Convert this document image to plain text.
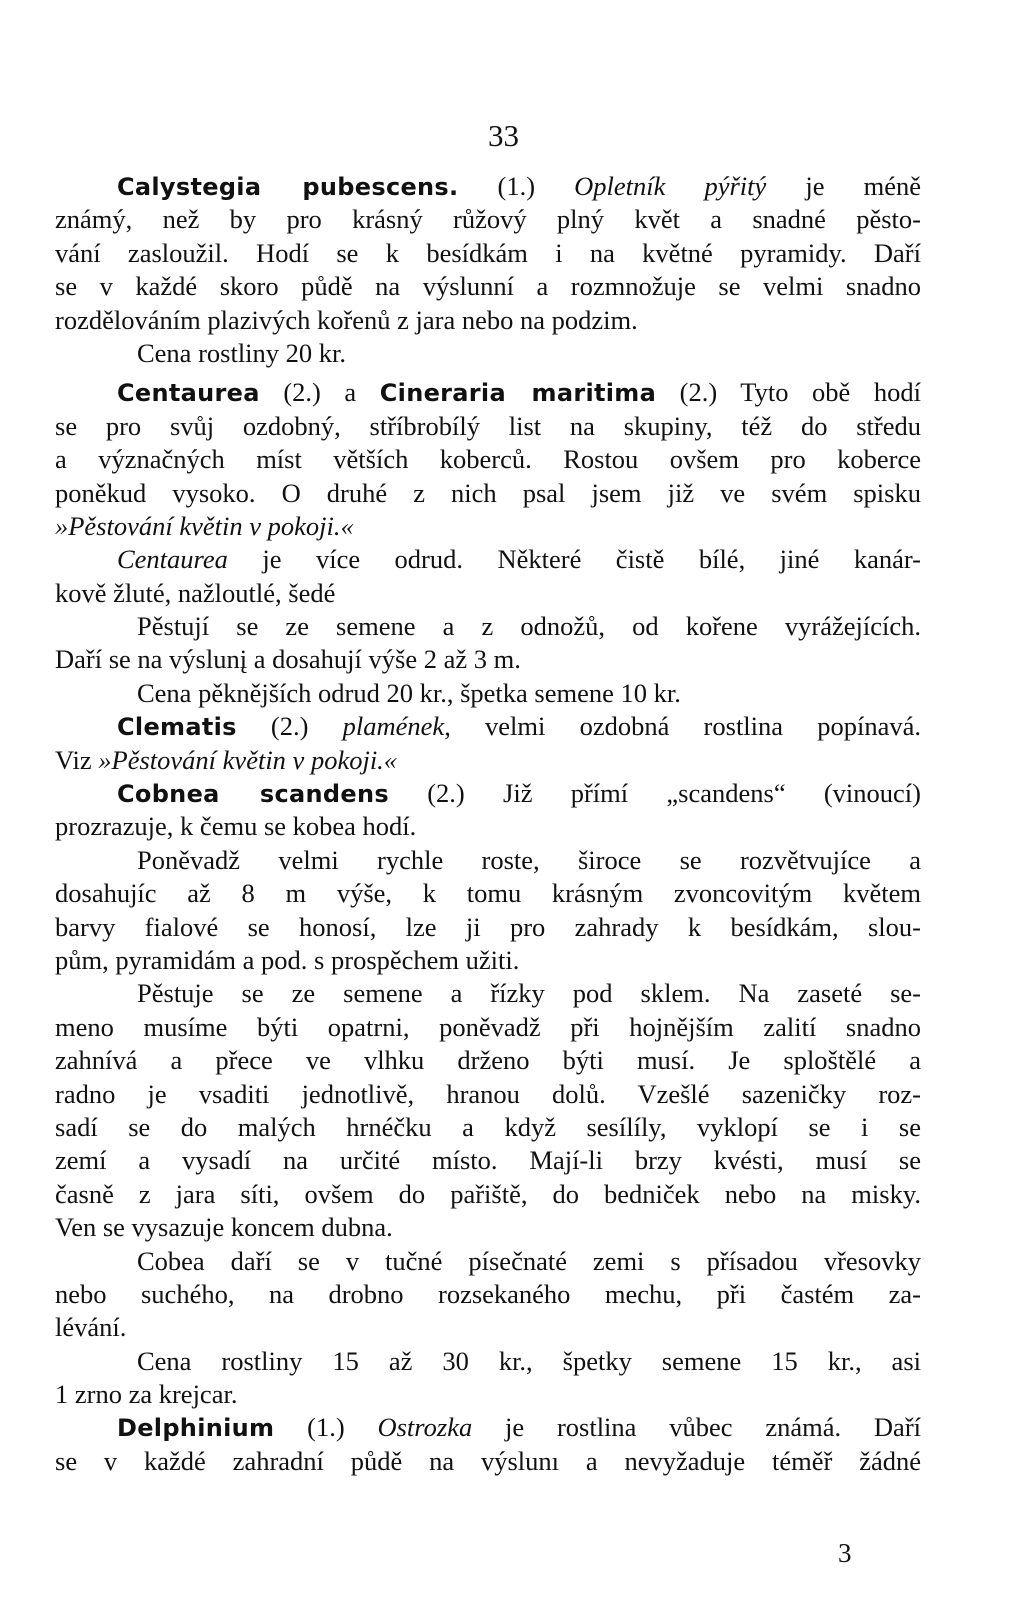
33
Calystegia pubescens. (1.) Opletník pýřitý je méně
známý, než by pro krásný růžový plný květ a snadné pěsto-
vání zasloužil. Hodí se k besídkám i na květné pyramidy. Daří
se v každé skoro půdě na výslunní a rozmnožuje se velmi snadno
rozdělováním plazivých kořenů z jara nebo na podzim.
Cena rostliny 20 kr.
Centaurea (2.) a Cineraria maritima (2.) Tyto obě hodí
se pro svůj ozdobný, stříbrobílý list na skupiny, též do středu
a význačných míst větších koberců. Rostou ovšem pro koberce
poněkud vysoko. O druhé z nich psal jsem již ve svém spisku
»Pěstování květin v pokoji.«
Centaurea je více odrud. Některé čistě bílé, jiné kanár-
kově žluté, nažloutlé, šedé
Pěstují se ze semene a z odnožů, od kořene vyrážejících.
Daří se na výslunį a dosahují výše 2 až 3 m.
Cena pěknějších odrud 20 kr., špetka semene 10 kr.
Clematis (2.) plamének, velmi ozdobná rostlina popínavá.
Viz »Pěstování květin v pokoji.«
Cobnea scandens (2.) Již přímí „scandens“ (vinoucí)
prozrazuje, k čemu se kobea hodí.
Poněvadž velmi rychle roste, široce se rozvětvujíce a
dosahujíc až 8 m výše, k tomu krásným zvoncovitým květem
barvy fialové se honosí, lze ji pro zahrady k besídkám, slou-
pům, pyramidám a pod. s prospěchem užiti.
Pěstuje se ze semene a řízky pod sklem. Na zaseté se-
meno musíme býti opatrni, poněvadž při hojnějším zalití snadno
zahnívá a přece ve vlhku drženo býti musí. Je sploštělé a
radno je vsaditi jednotlivě, hranou dolů. Vzešlé sazeničky roz-
sadí se do malých hrnéčku a když sesílíly, vyklopí se i se
zemí a vysadí na určité místo. Mají-li brzy kvésti, musí se
časně z jara síti, ovšem do pařiště, do bedniček nebo na misky.
Ven se vysazuje koncem dubna.
Cobea daří se v tučné písečnaté zemi s přísadou vřesovky
nebo suchého, na drobno rozsekaného mechu, při častém za-
lévání.
Cena rostliny 15 až 30 kr., špetky semene 15 kr., asi
1 zrno za krejcar.
Delphinium (1.) Ostrozka je rostlina vůbec známá. Daří
se v každé zahradní půdě na výslunı a nevyžaduje téměř žádné
3
